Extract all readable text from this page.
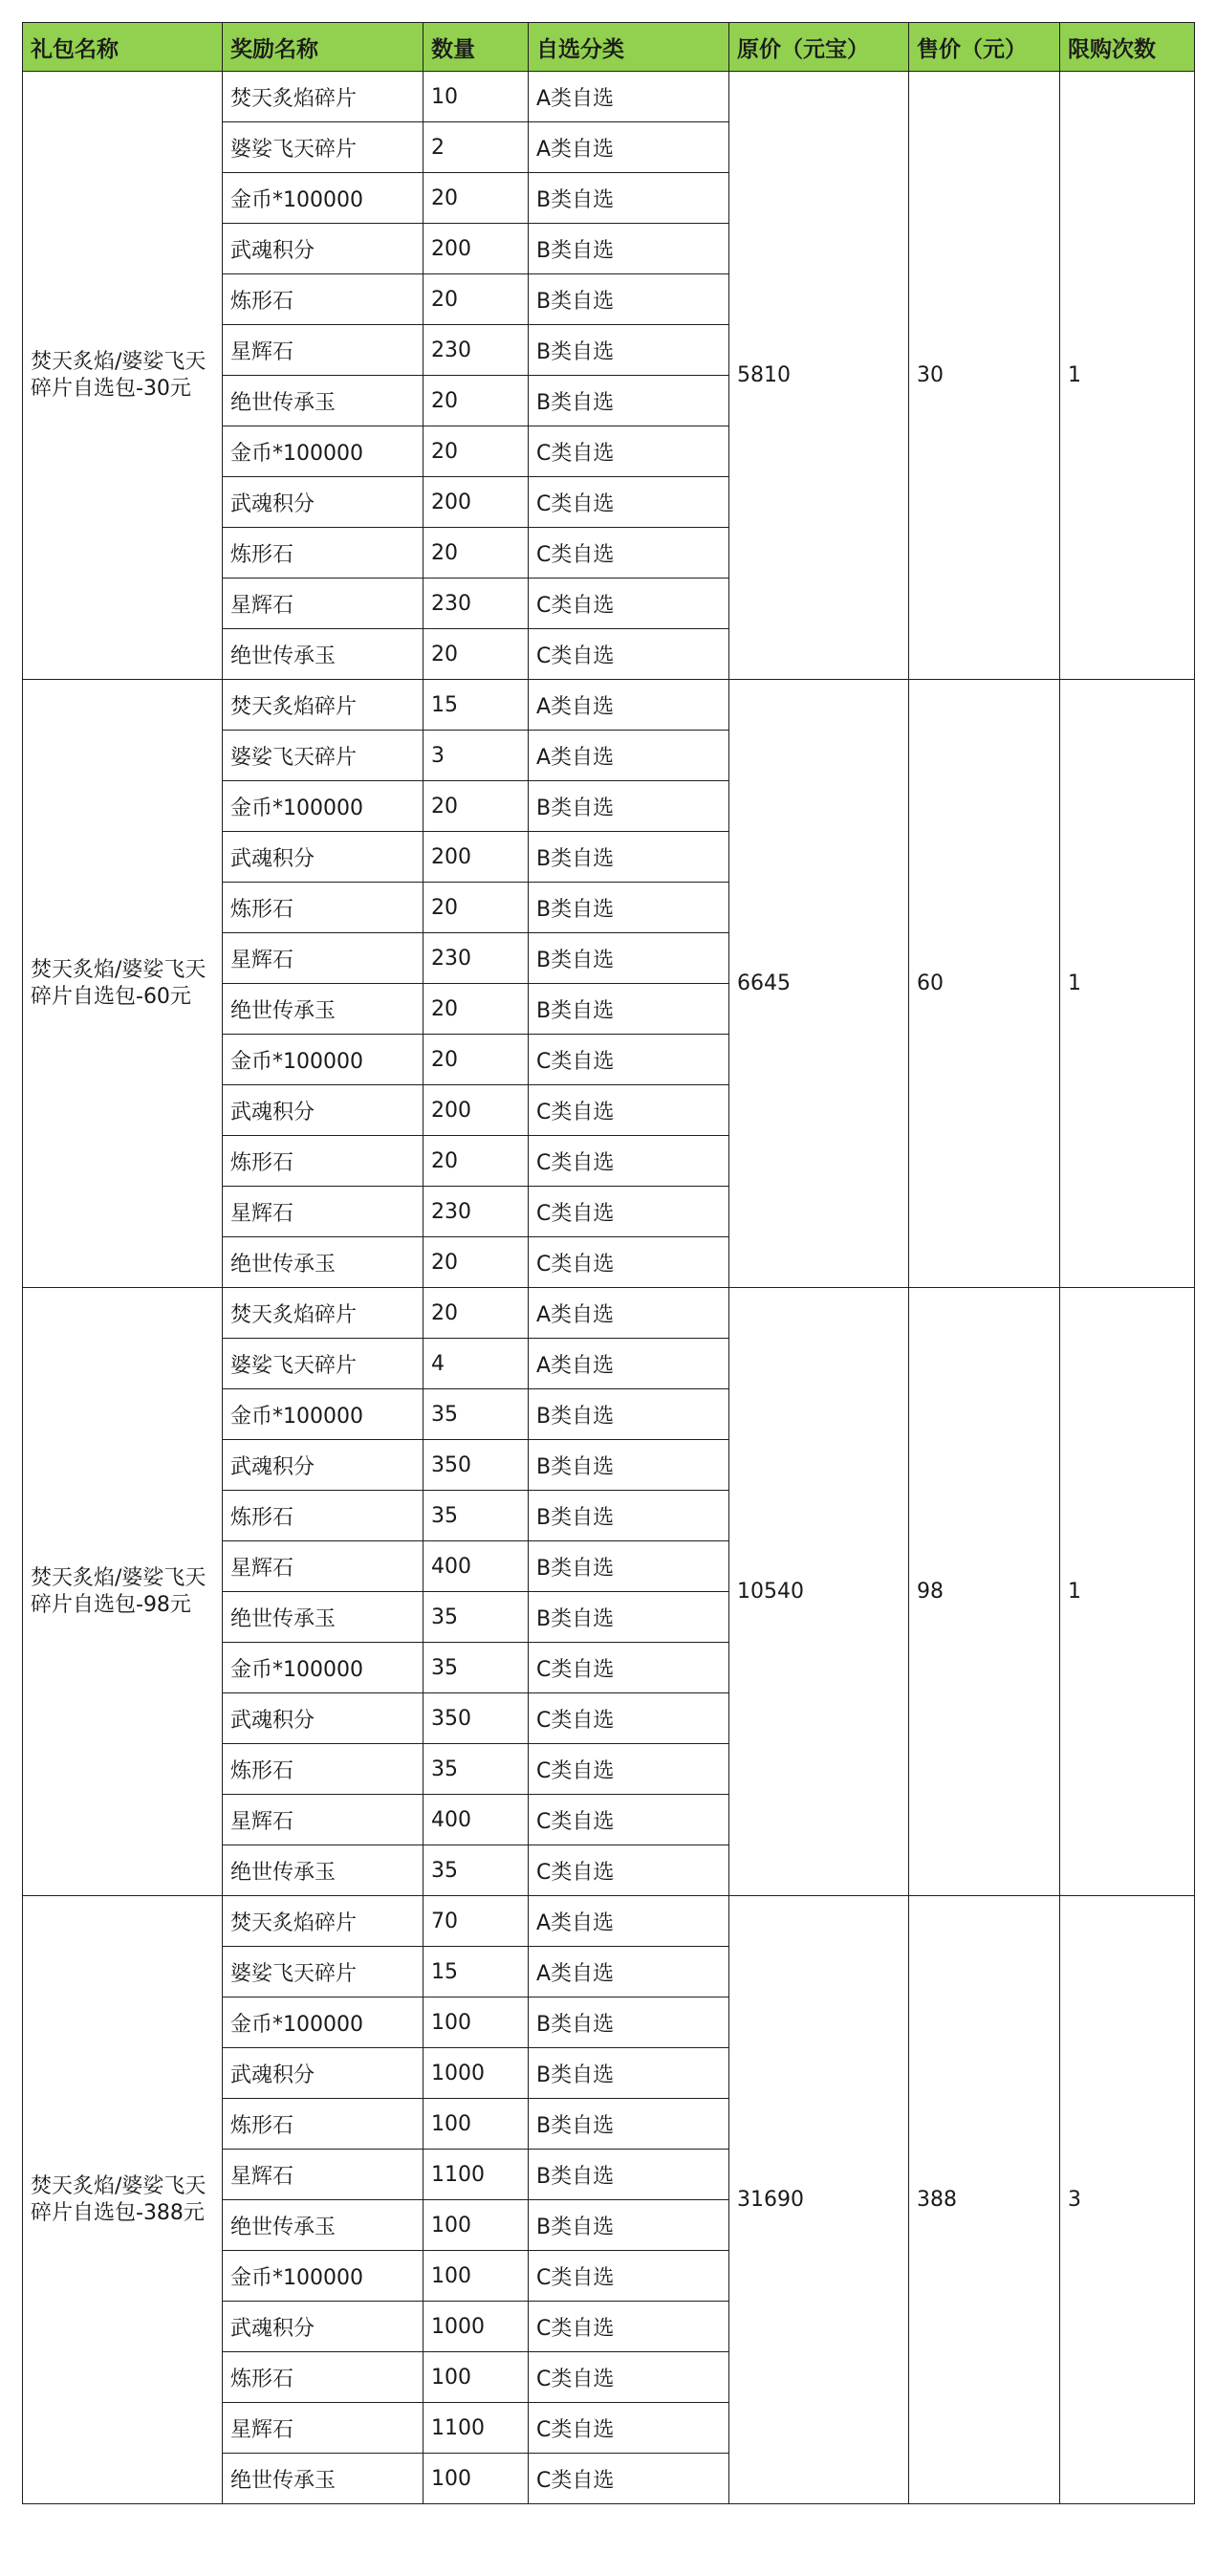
礼包名称	奖励名称	数量	自选分类	原价（元宝）	售价（元）	限购次数
焚天炙焰/婆娑飞天碎片自选包-30元	焚天炙焰碎片	10	A类自选	5810	30	1
	婆娑飞天碎片	2	A类自选			
	金币*100000	20	B类自选			
	武魂积分	200	B类自选			
	炼形石	20	B类自选			
	星辉石	230	B类自选			
	绝世传承玉	20	B类自选			
	金币*100000	20	C类自选			
	武魂积分	200	C类自选			
	炼形石	20	C类自选			
	星辉石	230	C类自选			
	绝世传承玉	20	C类自选			
焚天炙焰/婆娑飞天碎片自选包-60元	焚天炙焰碎片	15	A类自选	6645	60	1
	婆娑飞天碎片	3	A类自选			
	金币*100000	20	B类自选			
	武魂积分	200	B类自选			
	炼形石	20	B类自选			
	星辉石	230	B类自选			
	绝世传承玉	20	B类自选			
	金币*100000	20	C类自选			
	武魂积分	200	C类自选			
	炼形石	20	C类自选			
	星辉石	230	C类自选			
	绝世传承玉	20	C类自选			
焚天炙焰/婆娑飞天碎片自选包-98元	焚天炙焰碎片	20	A类自选	10540	98	1
	婆娑飞天碎片	4	A类自选			
	金币*100000	35	B类自选			
	武魂积分	350	B类自选			
	炼形石	35	B类自选			
	星辉石	400	B类自选			
	绝世传承玉	35	B类自选			
	金币*100000	35	C类自选			
	武魂积分	350	C类自选			
	炼形石	35	C类自选			
	星辉石	400	C类自选			
	绝世传承玉	35	C类自选			
焚天炙焰/婆娑飞天碎片自选包-388元	焚天炙焰碎片	70	A类自选	31690	388	3
	婆娑飞天碎片	15	A类自选			
	金币*100000	100	B类自选			
	武魂积分	1000	B类自选			
	炼形石	100	B类自选			
	星辉石	1100	B类自选			
	绝世传承玉	100	B类自选			
	金币*100000	100	C类自选			
	武魂积分	1000	C类自选			
	炼形石	100	C类自选			
	星辉石	1100	C类自选			
	绝世传承玉	100	C类自选			
